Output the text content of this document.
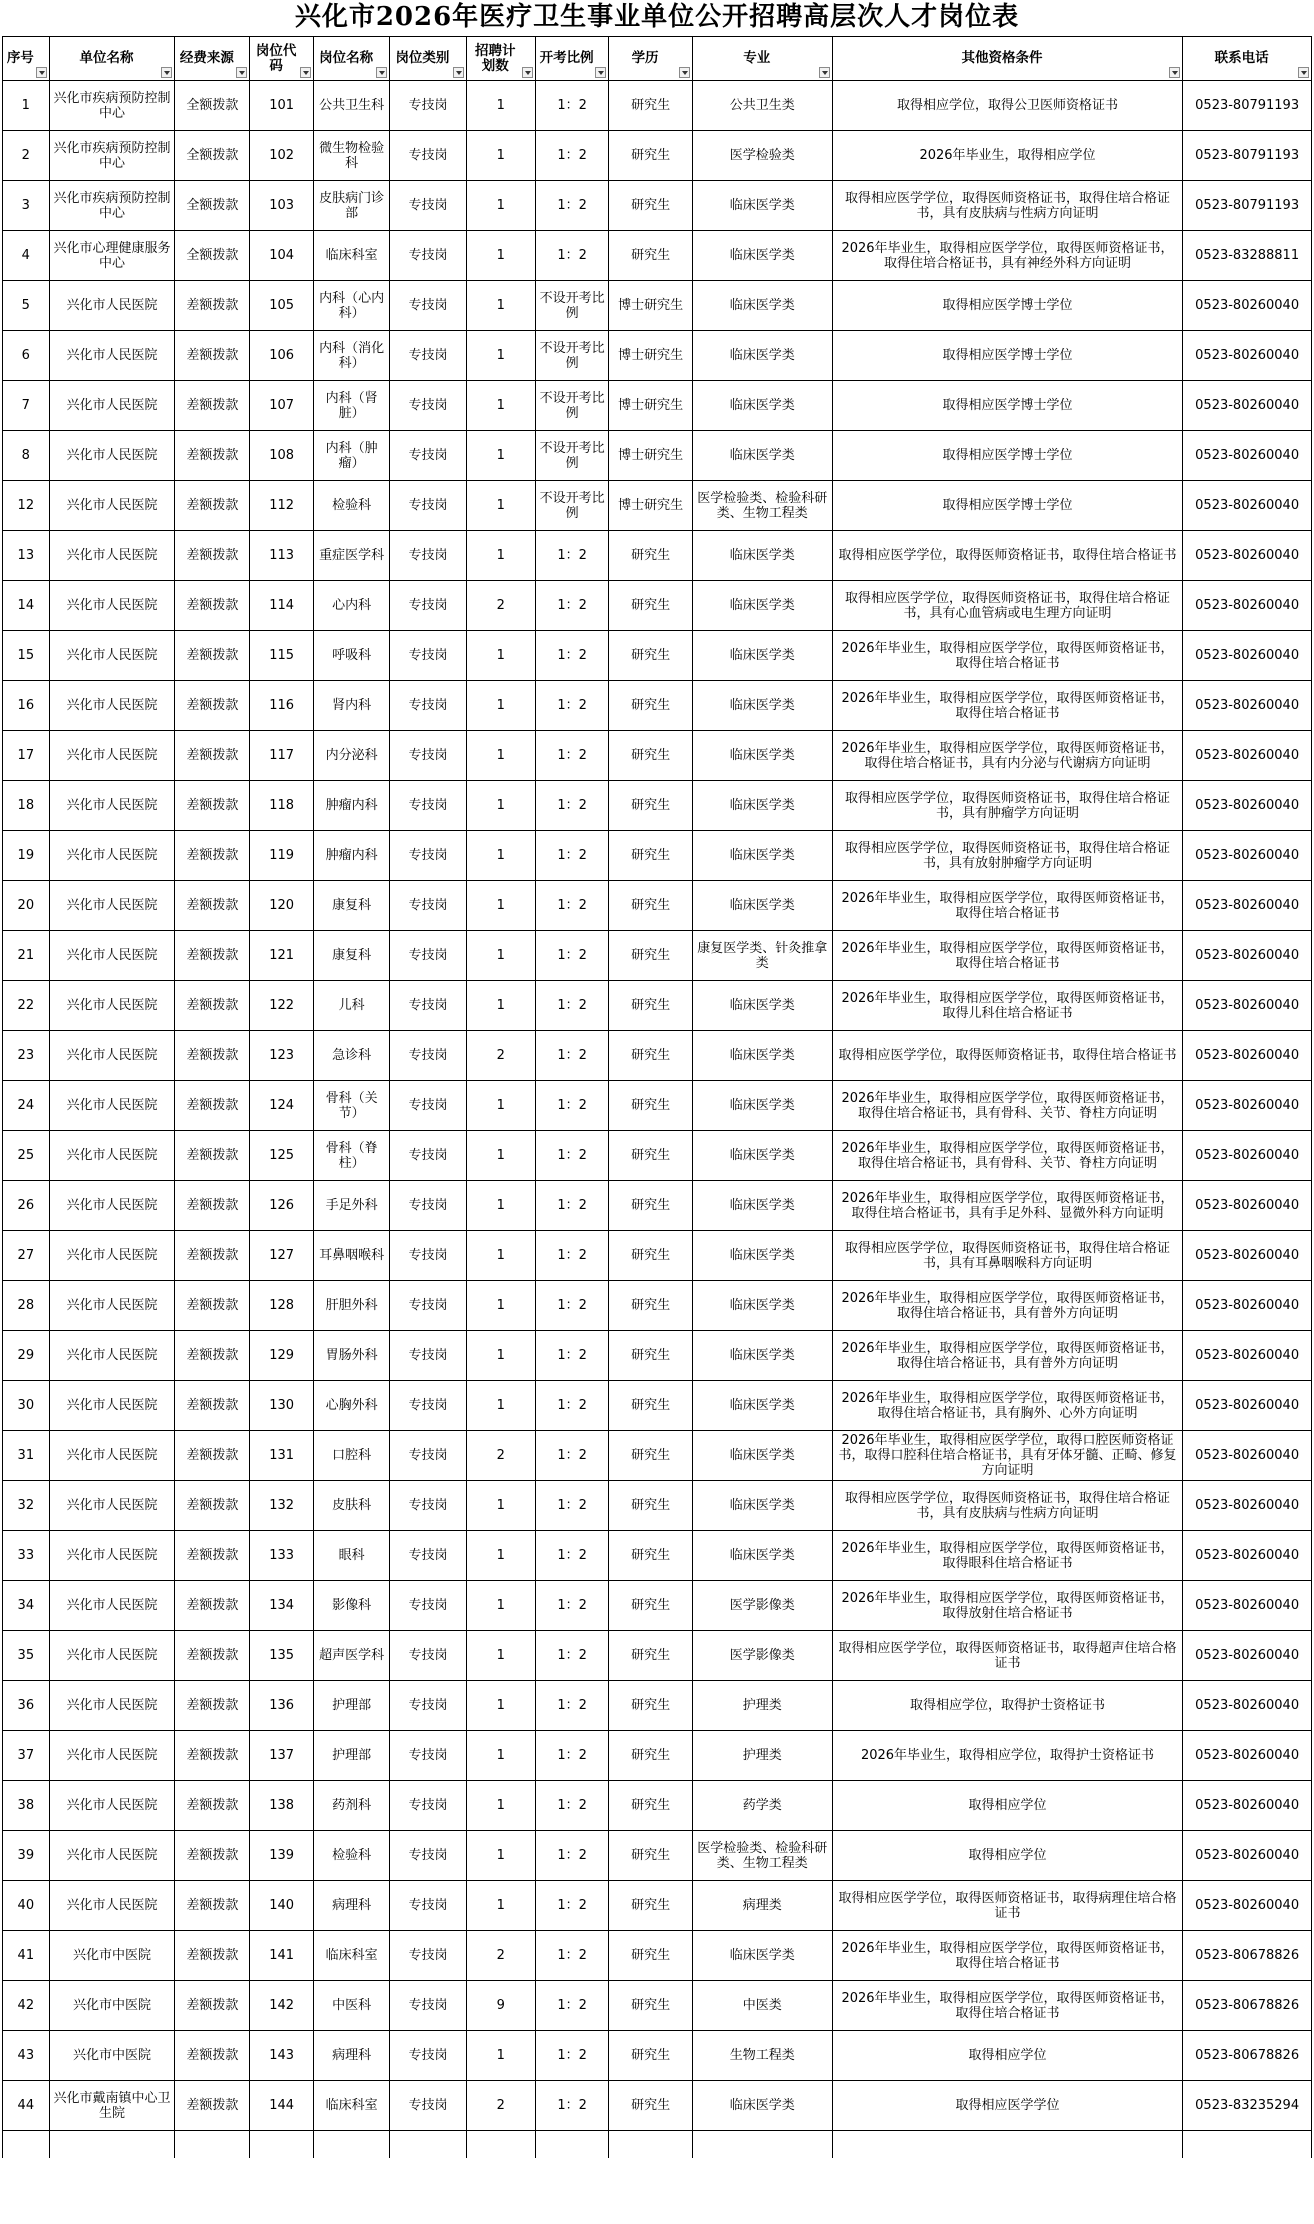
兴化市2026年医疗卫生事业单位公开招聘高层次人才岗位表
序号	单位名称	经费来源	岗位代码	岗位名称	岗位类别	招聘计划数	开考比例	学历	专业	其他资格条件	联系电话

1	兴化市疾病预防控制中心	全额拨款	101	公共卫生科	专技岗	1	1：2	研究生	公共卫生类	取得相应学位，取得公卫医师资格证书	0523-80791193
2	兴化市疾病预防控制中心	全额拨款	102	微生物检验科	专技岗	1	1：2	研究生	医学检验类	2026年毕业生，取得相应学位	0523-80791193
3	兴化市疾病预防控制中心	全额拨款	103	皮肤病门诊部	专技岗	1	1：2	研究生	临床医学类	取得相应医学学位，取得医师资格证书，取得住培合格证书，具有皮肤病与性病方向证明	0523-80791193
4	兴化市心理健康服务中心	全额拨款	104	临床科室	专技岗	1	1：2	研究生	临床医学类	2026年毕业生，取得相应医学学位，取得医师资格证书，取得住培合格证书，具有神经外科方向证明	0523-83288811
5	兴化市人民医院	差额拨款	105	内科（心内科）	专技岗	1	不设开考比例	博士研究生	临床医学类	取得相应医学博士学位	0523-80260040
6	兴化市人民医院	差额拨款	106	内科（消化科）	专技岗	1	不设开考比例	博士研究生	临床医学类	取得相应医学博士学位	0523-80260040
7	兴化市人民医院	差额拨款	107	内科（肾脏）	专技岗	1	不设开考比例	博士研究生	临床医学类	取得相应医学博士学位	0523-80260040
8	兴化市人民医院	差额拨款	108	内科（肿瘤）	专技岗	1	不设开考比例	博士研究生	临床医学类	取得相应医学博士学位	0523-80260040
12	兴化市人民医院	差额拨款	112	检验科	专技岗	1	不设开考比例	博士研究生	医学检验类、检验科研类、生物工程类	取得相应医学博士学位	0523-80260040
13	兴化市人民医院	差额拨款	113	重症医学科	专技岗	1	1：2	研究生	临床医学类	取得相应医学学位，取得医师资格证书，取得住培合格证书	0523-80260040
14	兴化市人民医院	差额拨款	114	心内科	专技岗	2	1：2	研究生	临床医学类	取得相应医学学位，取得医师资格证书，取得住培合格证书，具有心血管病或电生理方向证明	0523-80260040
15	兴化市人民医院	差额拨款	115	呼吸科	专技岗	1	1：2	研究生	临床医学类	2026年毕业生，取得相应医学学位，取得医师资格证书，取得住培合格证书	0523-80260040
16	兴化市人民医院	差额拨款	116	肾内科	专技岗	1	1：2	研究生	临床医学类	2026年毕业生，取得相应医学学位，取得医师资格证书，取得住培合格证书	0523-80260040
17	兴化市人民医院	差额拨款	117	内分泌科	专技岗	1	1：2	研究生	临床医学类	2026年毕业生，取得相应医学学位，取得医师资格证书，取得住培合格证书，具有内分泌与代谢病方向证明	0523-80260040
18	兴化市人民医院	差额拨款	118	肿瘤内科	专技岗	1	1：2	研究生	临床医学类	取得相应医学学位，取得医师资格证书，取得住培合格证书，具有肿瘤学方向证明	0523-80260040
19	兴化市人民医院	差额拨款	119	肿瘤内科	专技岗	1	1：2	研究生	临床医学类	取得相应医学学位，取得医师资格证书，取得住培合格证书，具有放射肿瘤学方向证明	0523-80260040
20	兴化市人民医院	差额拨款	120	康复科	专技岗	1	1：2	研究生	临床医学类	2026年毕业生，取得相应医学学位，取得医师资格证书，取得住培合格证书	0523-80260040
21	兴化市人民医院	差额拨款	121	康复科	专技岗	1	1：2	研究生	康复医学类、针灸推拿类	2026年毕业生，取得相应医学学位，取得医师资格证书，取得住培合格证书	0523-80260040
22	兴化市人民医院	差额拨款	122	儿科	专技岗	1	1：2	研究生	临床医学类	2026年毕业生，取得相应医学学位，取得医师资格证书，取得儿科住培合格证书	0523-80260040
23	兴化市人民医院	差额拨款	123	急诊科	专技岗	2	1：2	研究生	临床医学类	取得相应医学学位，取得医师资格证书，取得住培合格证书	0523-80260040
24	兴化市人民医院	差额拨款	124	骨科（关节）	专技岗	1	1：2	研究生	临床医学类	2026年毕业生，取得相应医学学位，取得医师资格证书，取得住培合格证书，具有骨科、关节、脊柱方向证明	0523-80260040
25	兴化市人民医院	差额拨款	125	骨科（脊柱）	专技岗	1	1：2	研究生	临床医学类	2026年毕业生，取得相应医学学位，取得医师资格证书，取得住培合格证书，具有骨科、关节、脊柱方向证明	0523-80260040
26	兴化市人民医院	差额拨款	126	手足外科	专技岗	1	1：2	研究生	临床医学类	2026年毕业生，取得相应医学学位，取得医师资格证书，取得住培合格证书，具有手足外科、显微外科方向证明	0523-80260040
27	兴化市人民医院	差额拨款	127	耳鼻咽喉科	专技岗	1	1：2	研究生	临床医学类	取得相应医学学位，取得医师资格证书，取得住培合格证书，具有耳鼻咽喉科方向证明	0523-80260040
28	兴化市人民医院	差额拨款	128	肝胆外科	专技岗	1	1：2	研究生	临床医学类	2026年毕业生，取得相应医学学位，取得医师资格证书，取得住培合格证书，具有普外方向证明	0523-80260040
29	兴化市人民医院	差额拨款	129	胃肠外科	专技岗	1	1：2	研究生	临床医学类	2026年毕业生，取得相应医学学位，取得医师资格证书，取得住培合格证书，具有普外方向证明	0523-80260040
30	兴化市人民医院	差额拨款	130	心胸外科	专技岗	1	1：2	研究生	临床医学类	2026年毕业生，取得相应医学学位，取得医师资格证书，取得住培合格证书，具有胸外、心外方向证明	0523-80260040
31	兴化市人民医院	差额拨款	131	口腔科	专技岗	2	1：2	研究生	临床医学类	2026年毕业生，取得相应医学学位，取得口腔医师资格证书，取得口腔科住培合格证书，具有牙体牙髓、正畸、修复方向证明	0523-80260040
32	兴化市人民医院	差额拨款	132	皮肤科	专技岗	1	1：2	研究生	临床医学类	取得相应医学学位，取得医师资格证书，取得住培合格证书，具有皮肤病与性病方向证明	0523-80260040
33	兴化市人民医院	差额拨款	133	眼科	专技岗	1	1：2	研究生	临床医学类	2026年毕业生，取得相应医学学位，取得医师资格证书，取得眼科住培合格证书	0523-80260040
34	兴化市人民医院	差额拨款	134	影像科	专技岗	1	1：2	研究生	医学影像类	2026年毕业生，取得相应医学学位，取得医师资格证书，取得放射住培合格证书	0523-80260040
35	兴化市人民医院	差额拨款	135	超声医学科	专技岗	1	1：2	研究生	医学影像类	取得相应医学学位，取得医师资格证书，取得超声住培合格证书	0523-80260040
36	兴化市人民医院	差额拨款	136	护理部	专技岗	1	1：2	研究生	护理类	取得相应学位，取得护士资格证书	0523-80260040
37	兴化市人民医院	差额拨款	137	护理部	专技岗	1	1：2	研究生	护理类	2026年毕业生，取得相应学位，取得护士资格证书	0523-80260040
38	兴化市人民医院	差额拨款	138	药剂科	专技岗	1	1：2	研究生	药学类	取得相应学位	0523-80260040
39	兴化市人民医院	差额拨款	139	检验科	专技岗	1	1：2	研究生	医学检验类、检验科研类、生物工程类	取得相应学位	0523-80260040
40	兴化市人民医院	差额拨款	140	病理科	专技岗	1	1：2	研究生	病理类	取得相应医学学位，取得医师资格证书，取得病理住培合格证书	0523-80260040
41	兴化市中医院	差额拨款	141	临床科室	专技岗	2	1：2	研究生	临床医学类	2026年毕业生，取得相应医学学位，取得医师资格证书，取得住培合格证书	0523-80678826
42	兴化市中医院	差额拨款	142	中医科	专技岗	9	1：2	研究生	中医类	2026年毕业生，取得相应医学学位，取得医师资格证书，取得住培合格证书	0523-80678826
43	兴化市中医院	差额拨款	143	病理科	专技岗	1	1：2	研究生	生物工程类	取得相应学位	0523-80678826
44	兴化市戴南镇中心卫生院	差额拨款	144	临床科室	专技岗	2	1：2	研究生	临床医学类	取得相应医学学位	0523-83235294
